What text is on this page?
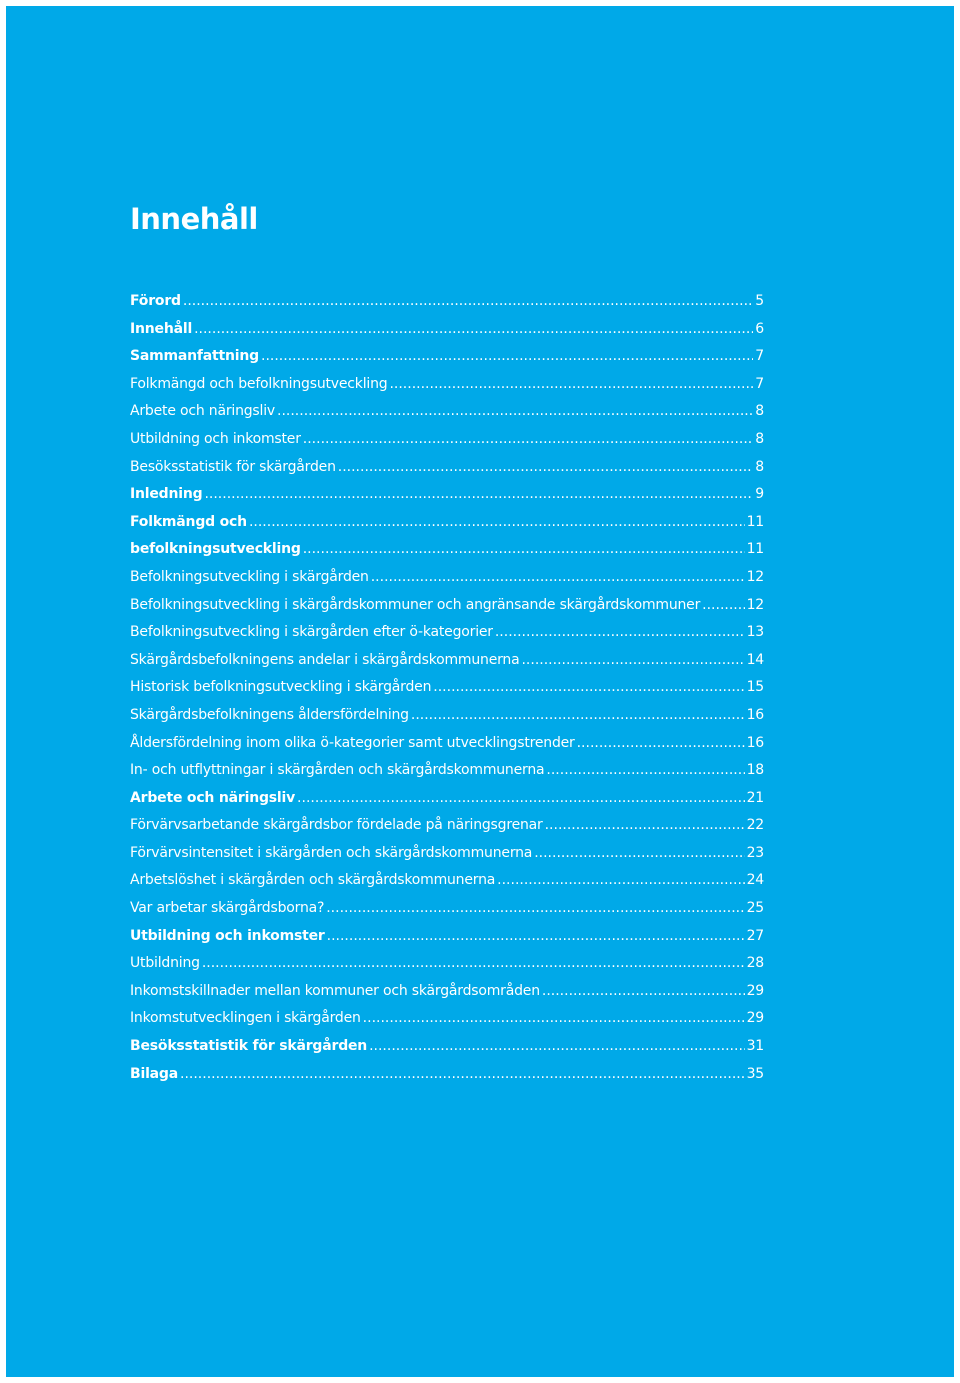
Innehåll
Förord .....	5
Innehåll .....	6
Sammanfattning .....	7
Folkmängd och befolkningsutveckling .....	7
Arbete och näringsliv .....	8
Utbildning och inkomster .....	8
Besöksstatistik för skärgården .....	8
Inledning .....	9
Folkmängd och .....	11
befolkningsutveckling .....	11
Befolkningsutveckling i skärgården .....	12
Befolkningsutveckling i skärgårdskommuner och angränsande skärgårdskommuner .....	12
Befolkningsutveckling i skärgården efter ö-kategorier .....	13
Skärgårdsbefolkningens andelar i skärgårdskommunerna .....	14
Historisk befolkningsutveckling i skärgården .....	15
Skärgårdsbefolkningens åldersfördelning .....	16
Åldersfördelning inom olika ö-kategorier samt utvecklingstrender .....	16
In- och utflyttningar i skärgården och skärgårdskommunerna .....	18
Arbete och näringsliv .....	21
Förvärvsarbetande skärgårdsbor fördelade på näringsgrenar .....	22
Förvärvsintensitet i skärgården och skärgårdskommunerna .....	23
Arbetslöshet i skärgården och skärgårdskommunerna .....	24
Var arbetar skärgårdsborna? .....	25
Utbildning och inkomster .....	27
Utbildning .....	28
Inkomstskillnader mellan kommuner och skärgårdsområden .....	29
Inkomstutvecklingen i skärgården .....	29
Besöksstatistik för skärgården .....	31
Bilaga .....	35
